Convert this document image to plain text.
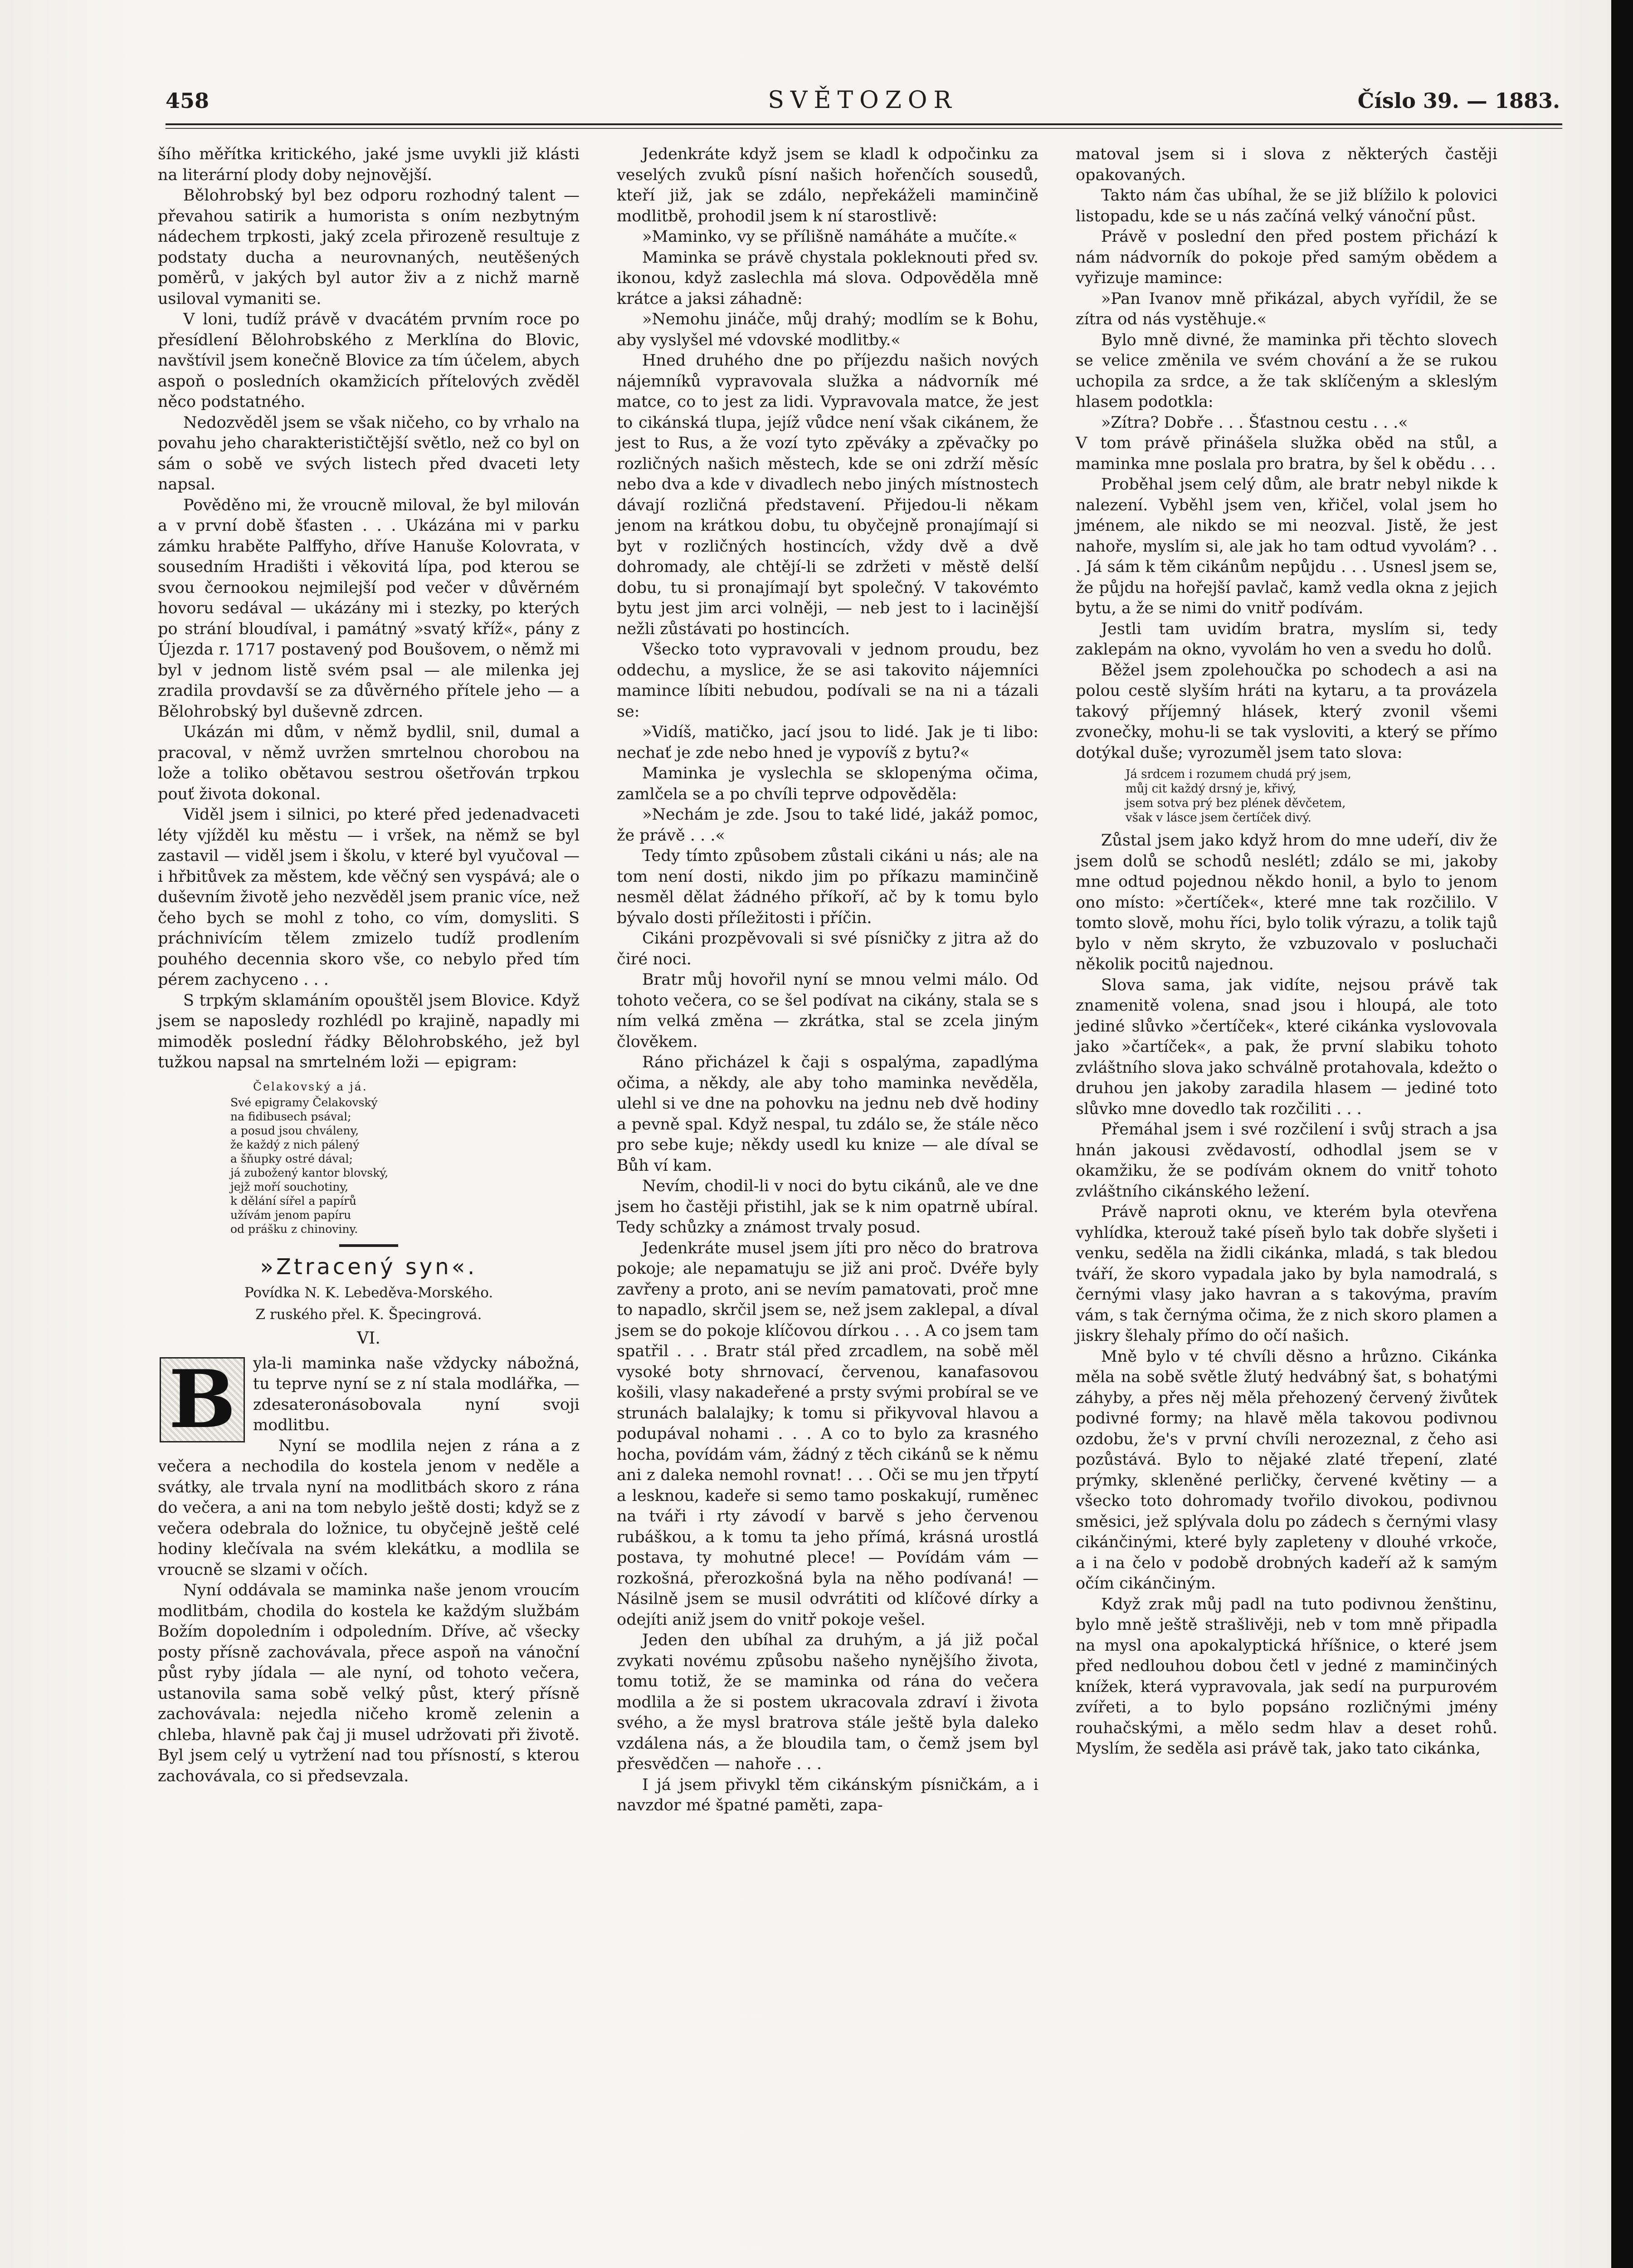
458	SVĚTOZOR	Číslo 39. — 1883.

šího měřítka kritického, jaké jsme uvykli již klásti na literární plody doby nejnovější.

Bělohrobský byl bez odporu rozhodný talent — převahou satirik a humorista s oním nezbytným nádechem trpkosti, jaký zcela přirozeně resultuje z podstaty ducha a neurovnaných, neutěšených poměrů, v jakých byl autor živ a z nichž marně usiloval vymaniti se.

V loni, tudíž právě v dvacátém prvním roce po přesídlení Bělohrobského z Merklína do Blovic, navštívil jsem konečně Blovice za tím účelem, abych aspoň o posledních okamžicích přítelových zvěděl něco podstatného.

Nedozvěděl jsem se však ničeho, co by vrhalo na povahu jeho charakterističtější světlo, než co byl on sám o sobě ve svých listech před dvaceti lety napsal.

Pověděno mi, že vroucně miloval, že byl milován a v první době šťasten . . . Ukázána mi v parku zámku hraběte Palffyho, dříve Hanuše Kolovrata, v sousedním Hradišti i věkovitá lípa, pod kterou se svou černookou nejmilejší pod večer v důvěrném hovoru sedával — ukázány mi i stezky, po kterých po strání bloudíval, i památný »svatý kříž«, pány z Újezda r. 1717 postavený pod Boušovem, o němž mi byl v jednom listě svém psal — ale milenka jej zradila provdavší se za důvěrného přítele jeho — a Bělohrobský byl duševně zdrcen.

Ukázán mi dům, v němž bydlil, snil, dumal a pracoval, v němž uvržen smrtelnou chorobou na lože a toliko obětavou sestrou ošetřován trpkou pouť života dokonal.

Viděl jsem i silnici, po které před jedenadvaceti léty vjížděl ku městu — i vršek, na němž se byl zastavil — viděl jsem i školu, v které byl vyučoval — i hřbitůvek za městem, kde věčný sen vyspává; ale o duševním životě jeho nezvěděl jsem pranic více, než čeho bych se mohl z toho, co vím, domysliti. S práchnivícím tělem zmizelo tudíž prodlením pouhého decennia skoro vše, co nebylo před tím pérem zachyceno . . .

S trpkým sklamáním opouštěl jsem Blovice. Když jsem se naposledy rozhlédl po krajině, napadly mi mimoděk poslední řádky Bělohrobského, jež byl tužkou napsal na smrtelném loži — epigram:

Čelakovský a já.
Své epigramy Čelakovský
na fidibusech psával;
a posud jsou chváleny,
že každý z nich pálený
a šňupky ostré dával;
já zubožený kantor blovský,
jejž moří souchotiny,
k dělání sířel a papírů
užívám jenom papíru
od prášku z chinoviny.
»Ztracený syn«.
Povídka N. K. Lebeděva-Morského.
Z ruského přel. K. Špecingrová.
VI.
B	yla-li maminka naše vždycky nábožná, tu teprve nyní se z ní stala modlářka, — zdesateronásobovala nyní svoji modlitbu.

Nyní se modlila nejen z rána a z večera a nechodila do kostela jenom v neděle a svátky, ale trvala nyní na modlitbách skoro z rána do večera, a ani na tom nebylo ještě dosti; když se z večera odebrala do ložnice, tu obyčejně ještě celé hodiny klečívala na svém klekátku, a modlila se vroucně se slzami v očích.

Nyní oddávala se maminka naše jenom vroucím modlitbám, chodila do kostela ke každým službám Božím dopoledním i odpoledním. Dříve, ač všecky posty přísně zachovávala, přece aspoň na vánoční půst ryby jídala — ale nyní, od tohoto večera, ustanovila sama sobě velký půst, který přísně zachovávala: nejedla ničeho kromě zelenin a chleba, hlavně pak čaj ji musel udržovati při životě. Byl jsem celý u vytržení nad tou přísností, s kterou zachovávala, co si předsevzala.

Jedenkráte když jsem se kladl k odpočinku za veselých zvuků písní našich hořenčích sousedů, kteří již, jak se zdálo, nepřekáželi maminčině modlitbě, prohodil jsem k ní starostlivě:

»Maminko, vy se přílišně namáháte a mučíte.«

Maminka se právě chystala pokleknouti před sv. ikonou, když zaslechla má slova. Odpověděla mně krátce a jaksi záhadně:

»Nemohu jináče, můj drahý; modlím se k Bohu, aby vyslyšel mé vdovské modlitby.«

Hned druhého dne po příjezdu našich nových nájemníků vypravovala služka a nádvorník mé matce, co to jest za lidi. Vypravovala matce, že jest to cikánská tlupa, jejíž vůdce není však cikánem, že jest to Rus, a že vozí tyto zpěváky a zpěvačky po rozličných našich městech, kde se oni zdrží měsíc nebo dva a kde v divadlech nebo jiných místnostech dávají rozličná představení. Přijedou-li někam jenom na krátkou dobu, tu obyčejně pronajímají si byt v rozličných hostincích, vždy dvě a dvě dohromady, ale chtějí-li se zdržeti v městě delší dobu, tu si pronajímají byt společný. V takovémto bytu jest jim arci volněji, — neb jest to i lacinější nežli zůstávati po hostincích.

Všecko toto vypravovali v jednom proudu, bez oddechu, a myslice, že se asi takovito nájemníci mamince líbiti nebudou, podívali se na ni a tázali se:

»Vidíš, matičko, jací jsou to lidé. Jak je ti libo: nechať je zde nebo hned je vypovíš z bytu?«

Maminka je vyslechla se sklopenýma očima, zamlčela se a po chvíli teprve odpověděla:

»Nechám je zde. Jsou to také lidé, jakáž pomoc, že právě . . .«

Tedy tímto způsobem zůstali cikáni u nás; ale na tom není dosti, nikdo jim po příkazu maminčině nesměl dělat žádného příkoří, ač by k tomu bylo bývalo dosti příležitosti i příčin.

Cikáni prozpěvovali si své písničky z jitra až do čiré noci.

Bratr můj hovořil nyní se mnou velmi málo. Od tohoto večera, co se šel podívat na cikány, stala se s ním velká změna — zkrátka, stal se zcela jiným člověkem.

Ráno přicházel k čaji s ospalýma, zapadlýma očima, a někdy, ale aby toho maminka nevěděla, ulehl si ve dne na pohovku na jednu neb dvě hodiny a pevně spal. Když nespal, tu zdálo se, že stále něco pro sebe kuje; někdy usedl ku knize — ale díval se Bůh ví kam.

Nevím, chodil-li v noci do bytu cikánů, ale ve dne jsem ho častěji přistihl, jak se k nim opatrně ubíral. Tedy schůzky a známost trvaly posud.

Jedenkráte musel jsem jíti pro něco do bratrova pokoje; ale nepamatuju se již ani proč. Dvéře byly zavřeny a proto, ani se nevím pamatovati, proč mne to napadlo, skrčil jsem se, než jsem zaklepal, a díval jsem se do pokoje klíčovou dírkou . . . A co jsem tam spatřil . . . Bratr stál před zrcadlem, na sobě měl vysoké boty shrnovací, červenou, kanafasovou košili, vlasy nakadeřené a prsty svými probíral se ve strunách balalajky; k tomu si přikyvoval hlavou a podupával nohami . . . A co to bylo za krasného hocha, povídám vám, žádný z těch cikánů se k němu ani z daleka nemohl rovnat! . . . Oči se mu jen třpytí a lesknou, kadeře si semo tamo poskakují, ruměnec na tváři i rty závodí v barvě s jeho červenou rubáškou, a k tomu ta jeho přímá, krásná urostlá postava, ty mohutné plece! — Povídám vám — rozkošná, přerozkošná byla na něho podívaná! — Násilně jsem se musil odvrátiti od klíčové dírky a odejíti aniž jsem do vnitř pokoje vešel.

Jeden den ubíhal za druhým, a já již počal zvykati novému způsobu našeho nynějšího života, tomu totiž, že se maminka od rána do večera modlila a že si postem ukracovala zdraví i života svého, a že mysl bratrova stále ještě byla daleko vzdálena nás, a že bloudila tam, o čemž jsem byl přesvědčen — nahoře . . .

I já jsem přivykl těm cikánským písničkám, a i navzdor mé špatné paměti, zapa-

matoval jsem si i slova z některých častěji opakovaných.

Takto nám čas ubíhal, že se již blížilo k polovici listopadu, kde se u nás začíná velký vánoční půst.

Právě v poslední den před postem přichází k nám nádvorník do pokoje před samým obědem a vyřizuje mamince:

»Pan Ivanov mně přikázal, abych vyřídil, že se zítra od nás vystěhuje.«

Bylo mně divné, že maminka při těchto slovech se velice změnila ve svém chování a že se rukou uchopila za srdce, a že tak sklíčeným a skleslým hlasem podotkla:

»Zítra? Dobře . . . Šťastnou cestu . . .«

V tom právě přinášela služka oběd na stůl, a maminka mne poslala pro bratra, by šel k obědu . . .

Proběhal jsem celý dům, ale bratr nebyl nikde k nalezení. Vyběhl jsem ven, křičel, volal jsem ho jménem, ale nikdo se mi neozval. Jistě, že jest nahoře, myslím si, ale jak ho tam odtud vyvolám? . . . Já sám k těm cikánům nepůjdu . . . Usnesl jsem se, že půjdu na hořejší pavlač, kamž vedla okna z jejich bytu, a že se nimi do vnitř podívám.

Jestli tam uvidím bratra, myslím si, tedy zaklepám na okno, vyvolám ho ven a svedu ho dolů.

Běžel jsem zpolehoučka po schodech a asi na polou cestě slyším hráti na kytaru, a ta provázela takový příjemný hlásek, který zvonil všemi zvonečky, mohu-li se tak vysloviti, a který se přímo dotýkal duše; vyrozuměl jsem tato slova:

Já srdcem i rozumem chudá prý jsem,
můj cit každý drsný je, křivý,
jsem sotva prý bez plének děvčetem,
však v lásce jsem čertíček divý.

Zůstal jsem jako když hrom do mne udeří, div že jsem dolů se schodů neslétl; zdálo se mi, jakoby mne odtud pojednou někdo honil, a bylo to jenom ono místo: »čertíček«, které mne tak rozčililo. V tomto slově, mohu říci, bylo tolik výrazu, a tolik tajů bylo v něm skryto, že vzbuzovalo v posluchači několik pocitů najednou.

Slova sama, jak vidíte, nejsou právě tak znamenitě volena, snad jsou i hloupá, ale toto jediné slůvko »čertíček«, které cikánka vyslovovala jako »čartíček«, a pak, že první slabiku tohoto zvláštního slova jako schválně protahovala, kdežto o druhou jen jakoby zaradila hlasem — jediné toto slůvko mne dovedlo tak rozčiliti . . .

Přemáhal jsem i své rozčilení i svůj strach a jsa hnán jakousi zvědavostí, odhodlal jsem se v okamžiku, že se podívám oknem do vnitř tohoto zvláštního cikánského ležení.

Právě naproti oknu, ve kterém byla otevřena vyhlídka, kterouž také píseň bylo tak dobře slyšeti i venku, seděla na židli cikánka, mladá, s tak bledou tváří, že skoro vypadala jako by byla namodralá, s černými vlasy jako havran a s takovýma, pravím vám, s tak černýma očima, že z nich skoro plamen a jiskry šlehaly přímo do očí našich.

Mně bylo v té chvíli děsno a hrůzno. Cikánka měla na sobě světle žlutý hedvábný šat, s bohatými záhyby, a přes něj měla přehozený červený živůtek podivné formy; na hlavě měla takovou podivnou ozdobu, že's v první chvíli nerozeznal, z čeho asi pozůstává. Bylo to nějaké zlaté třepení, zlaté prýmky, skleněné perličky, červené květiny — a všecko toto dohromady tvořilo divokou, podivnou směsici, jež splývala dolu po zádech s černými vlasy cikánčinými, které byly zapleteny v dlouhé vrkoče, a i na čelo v podobě drobných kadeří až k samým očím cikánčiným.

Když zrak můj padl na tuto podivnou ženštinu, bylo mně ještě strašlivěji, neb v tom mně připadla na mysl ona apokalyptická hříšnice, o které jsem před nedlouhou dobou četl v jedné z maminčiných knížek, která vypravovala, jak sedí na purpurovém zvířeti, a to bylo popsáno rozličnými jmény rouhačskými, a mělo sedm hlav a deset rohů. Myslím, že seděla asi právě tak, jako tato cikánka,
